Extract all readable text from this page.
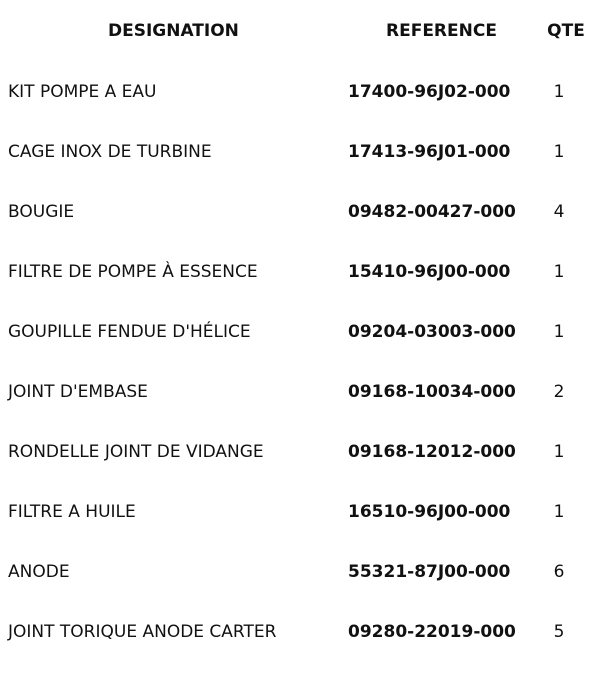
DESIGNATION	REFERENCE	QTE
KIT POMPE A EAU	17400-96J02-000	1
CAGE INOX DE TURBINE	17413-96J01-000	1
BOUGIE	09482-00427-000	4
FILTRE DE POMPE À ESSENCE	15410-96J00-000	1
GOUPILLE FENDUE D'HÉLICE	09204-03003-000	1
JOINT D'EMBASE	09168-10034-000	2
RONDELLE JOINT DE VIDANGE	09168-12012-000	1
FILTRE A HUILE	16510-96J00-000	1
ANODE	55321-87J00-000	6
JOINT TORIQUE ANODE CARTER	09280-22019-000	5
